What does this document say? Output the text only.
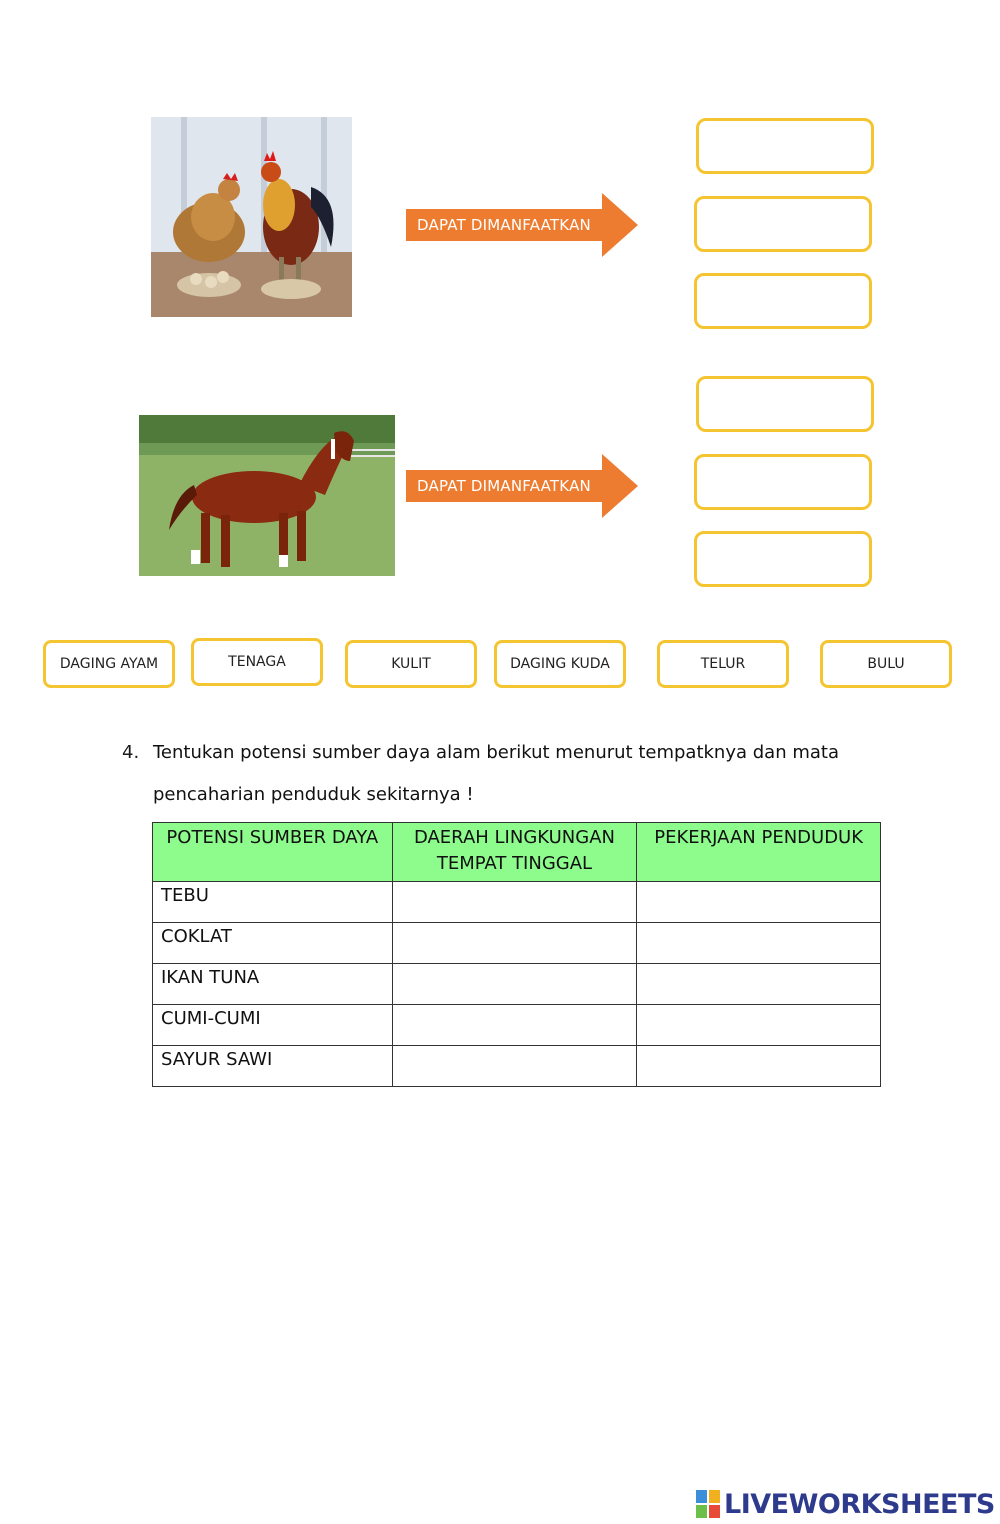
DAPAT DIMANFAATKAN
DAPAT DIMANFAATKAN
DAGING AYAM	TENAGA	KULIT	DAGING KUDA	TELUR	BULU
4. Tentukan potensi sumber daya alam berikut menurut tempatknya dan mata
pencaharian penduduk sekitarnya !
POTENSI SUMBER DAYA	DAERAH LINGKUNGAN TEMPAT TINGGAL	PEKERJAAN PENDUDUK
TEBU		
COKLAT		
IKAN TUNA		
CUMI-CUMI		
SAYUR SAWI		
LIVEWORKSHEETS
